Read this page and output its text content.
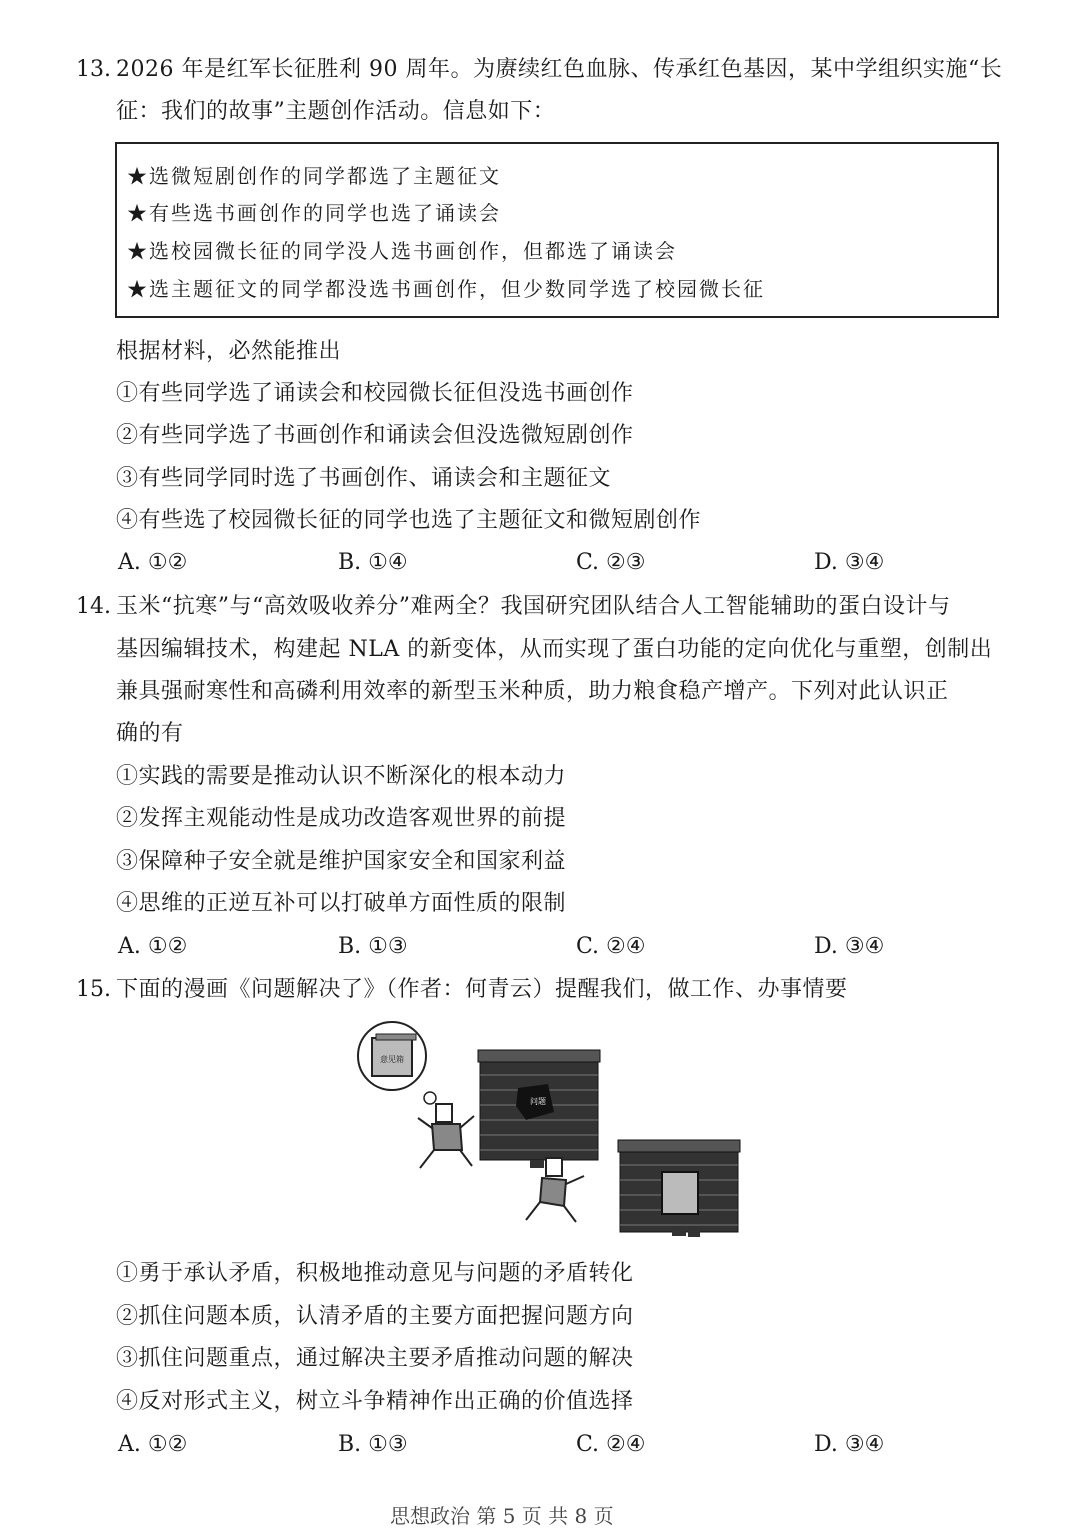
13. 2026 年是红军长征胜利 90 周年。为赓续红色血脉、传承红色基因，某中学组织实施“长
征：我们的故事”主题创作活动。信息如下：
★选微短剧创作的同学都选了主题征文
★有些选书画创作的同学也选了诵读会
★选校园微长征的同学没人选书画创作，但都选了诵读会
★选主题征文的同学都没选书画创作，但少数同学选了校园微长征
根据材料，必然能推出
①有些同学选了诵读会和校园微长征但没选书画创作
②有些同学选了书画创作和诵读会但没选微短剧创作
③有些同学同时选了书画创作、诵读会和主题征文
④有些选了校园微长征的同学也选了主题征文和微短剧创作
A. ①②	B. ①④	C. ②③	D. ③④
14. 玉米“抗寒”与“高效吸收养分”难两全？我国研究团队结合人工智能辅助的蛋白设计与
基因编辑技术，构建起 NLA 的新变体，从而实现了蛋白功能的定向优化与重塑，创制出
兼具强耐寒性和高磷利用效率的新型玉米种质，助力粮食稳产增产。下列对此认识正
确的有
①实践的需要是推动认识不断深化的根本动力
②发挥主观能动性是成功改造客观世界的前提
③保障种子安全就是维护国家安全和国家利益
④思维的正逆互补可以打破单方面性质的限制
A. ①②	B. ①③	C. ②④	D. ③④
15. 下面的漫画《问题解决了》（作者：何青云）提醒我们，做工作、办事情要
意见箱
问题
①勇于承认矛盾，积极地推动意见与问题的矛盾转化
②抓住问题本质，认清矛盾的主要方面把握问题方向
③抓住问题重点，通过解决主要矛盾推动问题的解决
④反对形式主义，树立斗争精神作出正确的价值选择
A. ①②	B. ①③	C. ②④	D. ③④
思想政治 第 5 页 共 8 页
